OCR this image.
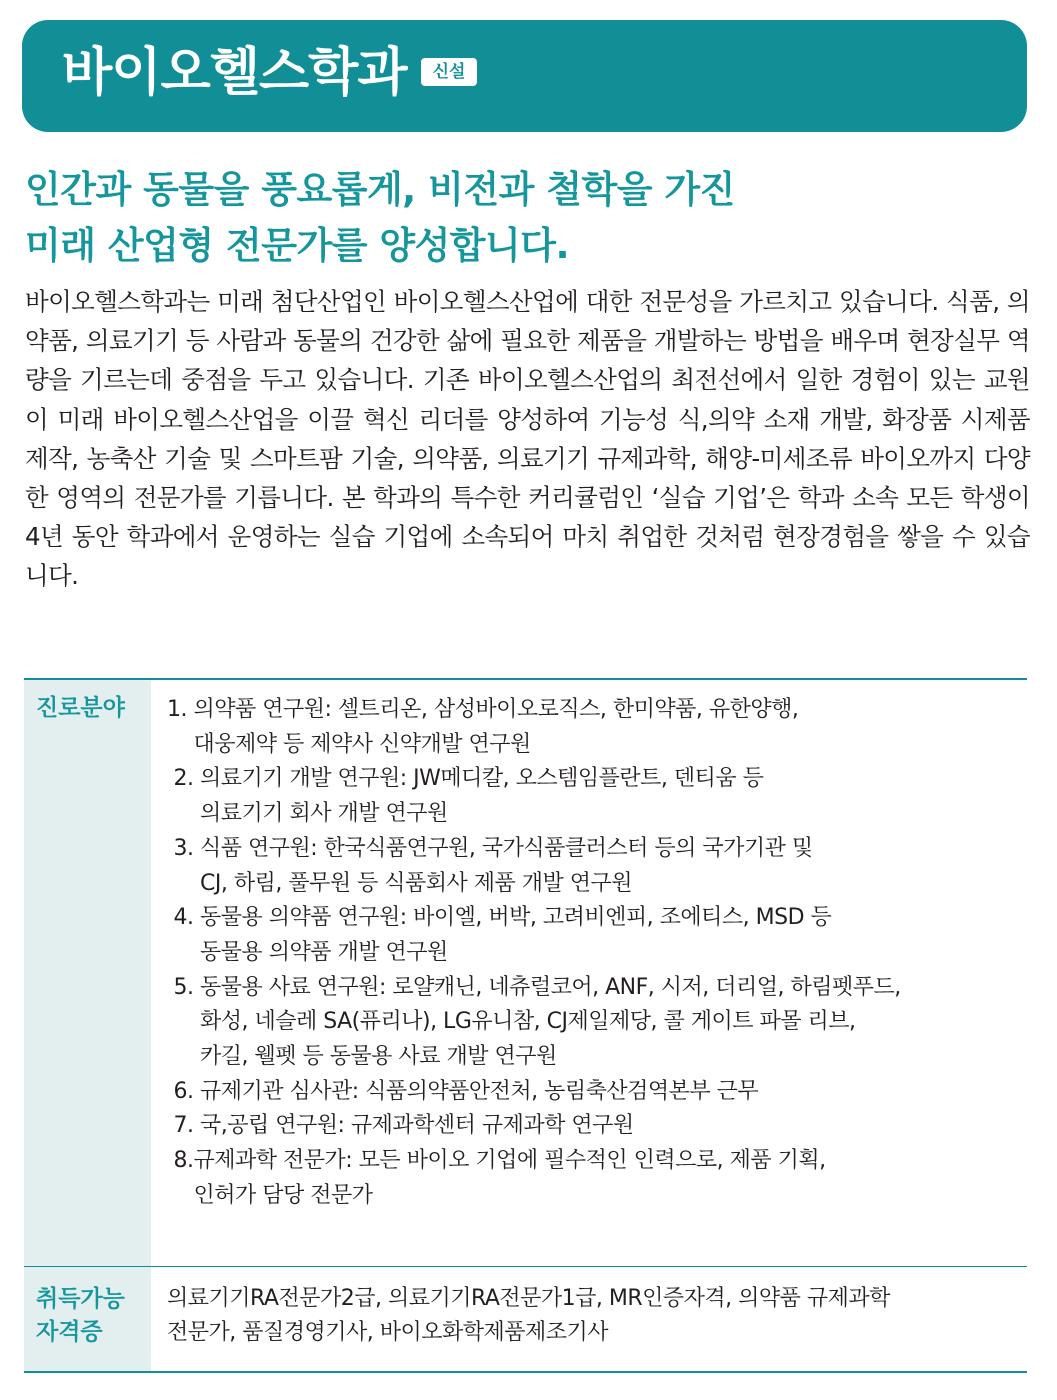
바이오헬스학과 신설
인간과 동물을 풍요롭게, 비전과 철학을 가진
미래 산업형 전문가를 양성합니다.
바이오헬스학과는 미래 첨단산업인 바이오헬스산업에 대한 전문성을 가르치고 있습니다. 식품, 의약품, 의료기기 등 사람과 동물의 건강한 삶에 필요한 제품을 개발하는 방법을 배우며 현장실무 역량을 기르는데 중점을 두고 있습니다. 기존 바이오헬스산업의 최전선에서 일한 경험이 있는 교원이 미래 바이오헬스산업을 이끌 혁신 리더를 양성하여 기능성 식,의약 소재 개발, 화장품 시제품 제작, 농축산 기술 및 스마트팜 기술, 의약품, 의료기기 규제과학, 해양-미세조류 바이오까지 다양한 영역의 전문가를 기릅니다. 본 학과의 특수한 커리큘럼인 ‘실습 기업’은 학과 소속 모든 학생이 4년 동안 학과에서 운영하는 실습 기업에 소속되어 마치 취업한 것처럼 현장경험을 쌓을 수 있습니다.
진로분야	1. 의약품 연구원: 셀트리온, 삼성바이오로직스, 한미약품, 유한양행,
대웅제약 등 제약사 신약개발 연구원
2. 의료기기 개발 연구원: JW메디칼, 오스템임플란트, 덴티움 등
의료기기 회사 개발 연구원
3. 식품 연구원: 한국식품연구원, 국가식품클러스터 등의 국가기관 및
CJ, 하림, 풀무원 등 식품회사 제품 개발 연구원
4. 동물용 의약품 연구원: 바이엘, 버박, 고려비엔피, 조에티스, MSD 등
동물용 의약품 개발 연구원
5. 동물용 사료 연구원: 로얄캐닌, 네츄럴코어, ANF, 시저, 더리얼, 하림펫푸드,
화성, 네슬레 SA(퓨리나), LG유니참, CJ제일제당, 콜 게이트 파몰 리브,
카길, 웰펫 등 동물용 사료 개발 연구원
6. 규제기관 심사관: 식품의약품안전처, 농림축산검역본부 근무
7. 국,공립 연구원: 규제과학센터 규제과학 연구원
8. 규제과학 전문가: 모든 바이오 기업에 필수적인 인력으로, 제품 기획,
인허가 담당 전문가
취득가능
자격증
의료기기RA전문가2급, 의료기기RA전문가1급, MR인증자격, 의약품 규제과학
전문가, 품질경영기사, 바이오화학제품제조기사
